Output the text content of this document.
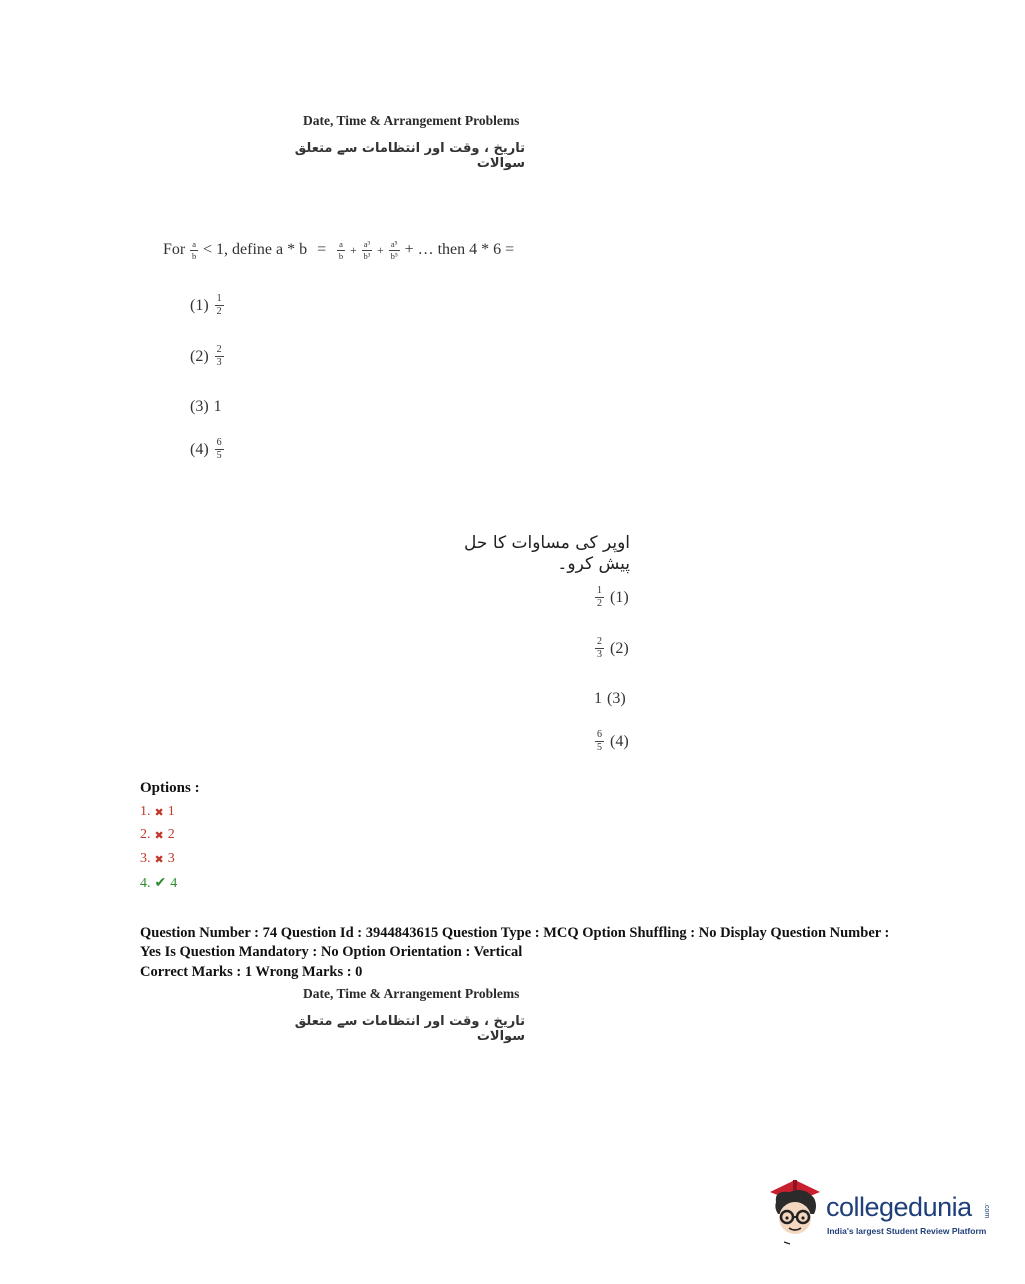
Date, Time & Arrangement Problems
تاریخ ، وقت اور انتظامات سے متعلق سوالات
For $\frac{a}{b} < 1$, define $a * b = \frac{a}{b} + \frac{\text{a³}}{\text{b³}} + \frac{\text{a⁵}}{\text{b⁵}}$ + … then 4 * 6 =
$(1) \frac{1}{2}$
$(2) \frac{2}{3}$
(3) 1
$(4) \frac{6}{5}$
اوپر کی مساوات کا حل پیش کرو۔
$\frac{1}{2} (1)$
$\frac{2}{3} (2)$
1 (3)
$\frac{6}{5} (4)$
Options :
1. ✖ 1
2. ✖ 2
3. ✖ 3
4. ✔ 4
Question Number : 74 Question Id : 3944843615 Question Type : MCQ Option Shuffling : No Display Question Number : Yes Is Question Mandatory : No Option Orientation : Vertical
Correct Marks : 1 Wrong Marks : 0
Date, Time & Arrangement Problems
تاریخ ، وقت اور انتظامات سے متعلق سوالات
collegedunia .com
India's largest Student Review Platform
